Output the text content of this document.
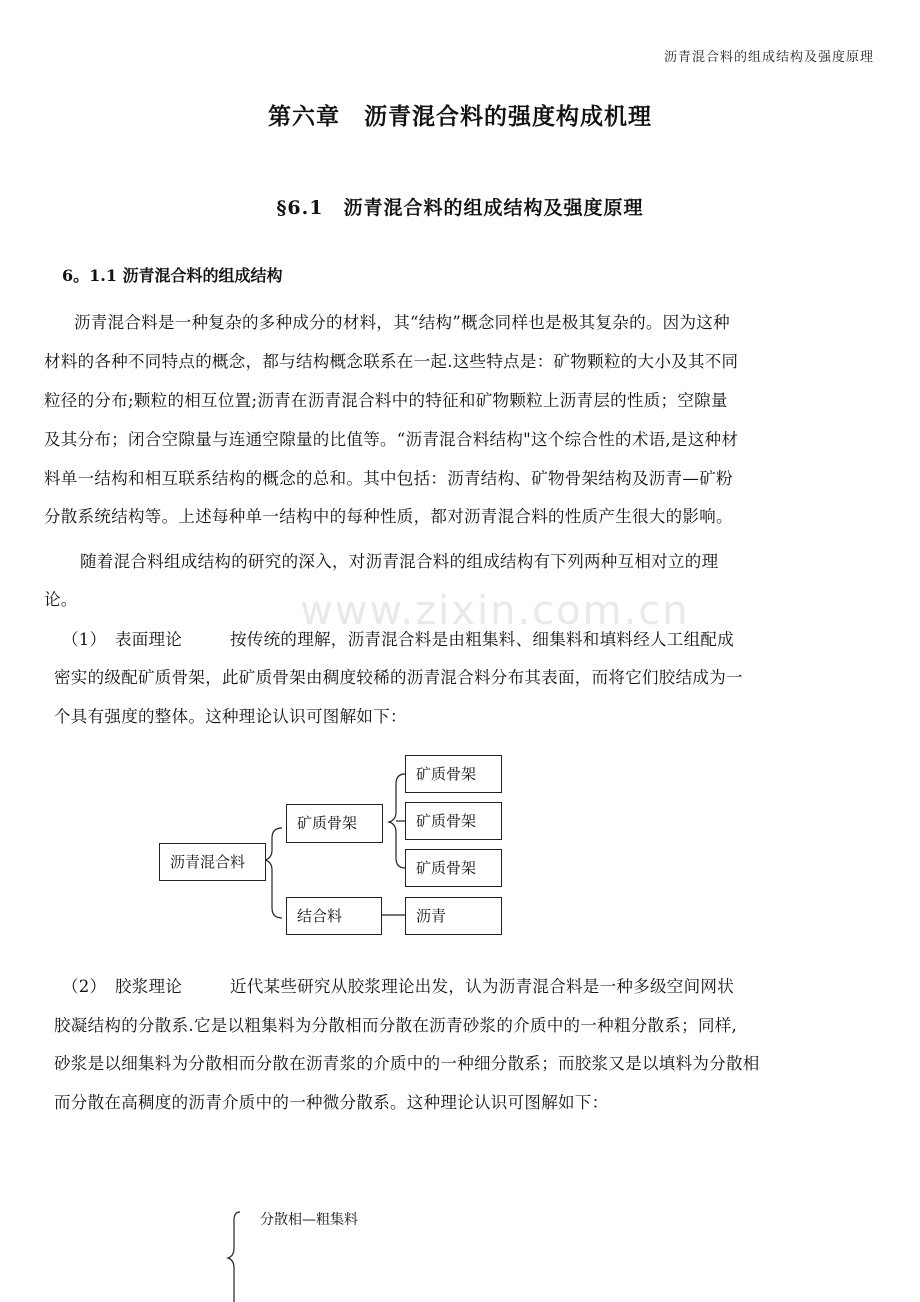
www.zixin.com.cn
沥青混合料的组成结构及强度原理
第六章　沥青混合料的强度构成机理
§6.1　沥青混合料的组成结构及强度原理
6。1.1 沥青混合料的组成结构
沥青混合料是一种复杂的多种成分的材料，其“结构”概念同样也是极其复杂的。因为这种
材料的各种不同特点的概念，都与结构概念联系在一起.这些特点是：矿物颗粒的大小及其不同
粒径的分布;颗粒的相互位置;沥青在沥青混合料中的特征和矿物颗粒上沥青层的性质；空隙量
及其分布；闭合空隙量与连通空隙量的比值等。“沥青混合料结构"这个综合性的术语,是这种材
料单一结构和相互联系结构的概念的总和。其中包括：沥青结构、矿物骨架结构及沥青—矿粉
分散系统结构等。上述每种单一结构中的每种性质，都对沥青混合料的性质产生很大的影响。
随着混合料组成结构的研究的深入，对沥青混合料的组成结构有下列两种互相对立的理
论。
（1）　表面理论	按传统的理解，沥青混合料是由粗集料、细集料和填料经人工组配成
密实的级配矿质骨架，此矿质骨架由稠度较稀的沥青混合料分布其表面，而将它们胶结成为一
个具有强度的整体。这种理论认识可图解如下：
沥青混合料
矿质骨架
矿质骨架
矿质骨架
矿质骨架
结合料	沥青
（2）　胶浆理论	近代某些研究从胶浆理论出发，认为沥青混合料是一种多级空间网状
胶凝结构的分散系.它是以粗集料为分散相而分散在沥青砂浆的介质中的一种粗分散系；同样,
砂浆是以细集料为分散相而分散在沥青浆的介质中的一种细分散系；而胶浆又是以填料为分散相
而分散在高稠度的沥青介质中的一种微分散系。这种理论认识可图解如下：
分散相—粗集料
